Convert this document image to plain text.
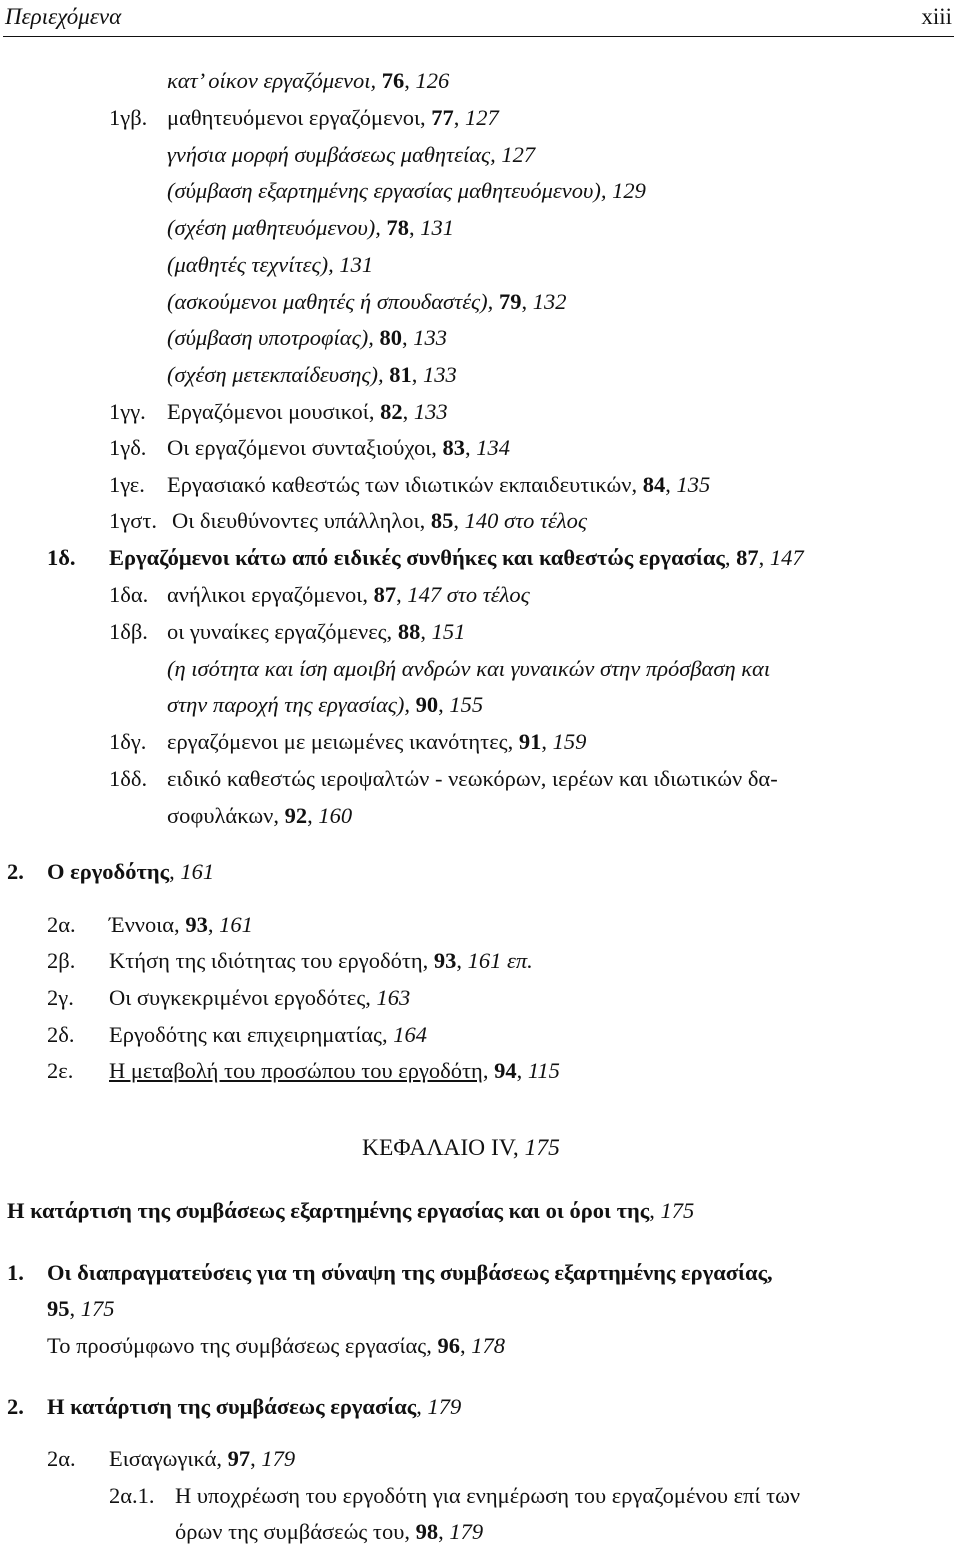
Περιεχόμενα	xiii
κατ’ οίκον εργαζόμενοι, 76, 126
1γβ. μαθητευόμενοι εργαζόμενοι, 77, 127
γνήσια μορφή συμβάσεως μαθητείας, 127
(σύμβαση εξαρτημένης εργασίας μαθητευόμενου), 129
(σχέση μαθητευόμενου), 78, 131
(μαθητές τεχνίτες), 131
(ασκούμενοι μαθητές ή σπουδαστές), 79, 132
(σύμβαση υποτροφίας), 80, 133
(σχέση μετεκπαίδευσης), 81, 133
1γγ. Εργαζόμενοι μουσικοί, 82, 133
1γδ. Οι εργαζόμενοι συνταξιούχοι, 83, 134
1γε. Εργασιακό καθεστώς των ιδιωτικών εκπαιδευτικών, 84, 135
1γστ. Οι διευθύνοντες υπάλληλοι, 85, 140 στο τέλος
1δ. Εργαζόμενοι κάτω από ειδικές συνθήκες και καθεστώς εργασίας, 87, 147
1δα. ανήλικοι εργαζόμενοι, 87, 147 στο τέλος
1δβ. οι γυναίκες εργαζόμενες, 88, 151
(η ισότητα και ίση αμοιβή ανδρών και γυναικών στην πρόσβαση και
στην παροχή της εργασίας), 90, 155
1δγ. εργαζόμενοι με μειωμένες ικανότητες, 91, 159
1δδ. ειδικό καθεστώς ιεροψαλτών - νεωκόρων, ιερέων και ιδιωτικών δα-
σοφυλάκων, 92, 160
2. Ο εργοδότης, 161
2α. Έννοια, 93, 161
2β. Κτήση της ιδιότητας του εργοδότη, 93, 161 επ.
2γ. Οι συγκεκριμένοι εργοδότες, 163
2δ. Εργοδότης και επιχειρηματίας, 164
2ε. Η μεταβολή του προσώπου του εργοδότη, 94, 115
ΚΕΦΑΛΑΙΟ IV, 175
Η κατάρτιση της συμβάσεως εξαρτημένης εργασίας και οι όροι της, 175
1. Οι διαπραγματεύσεις για τη σύναψη της συμβάσεως εξαρτημένης εργασίας,
95, 175
Το προσύμφωνο της συμβάσεως εργασίας, 96, 178
2. Η κατάρτιση της συμβάσεως εργασίας, 179
2α. Εισαγωγικά, 97, 179
2α.1. Η υποχρέωση του εργοδότη για ενημέρωση του εργαζομένου επί των
όρων της συμβάσεώς του, 98, 179
